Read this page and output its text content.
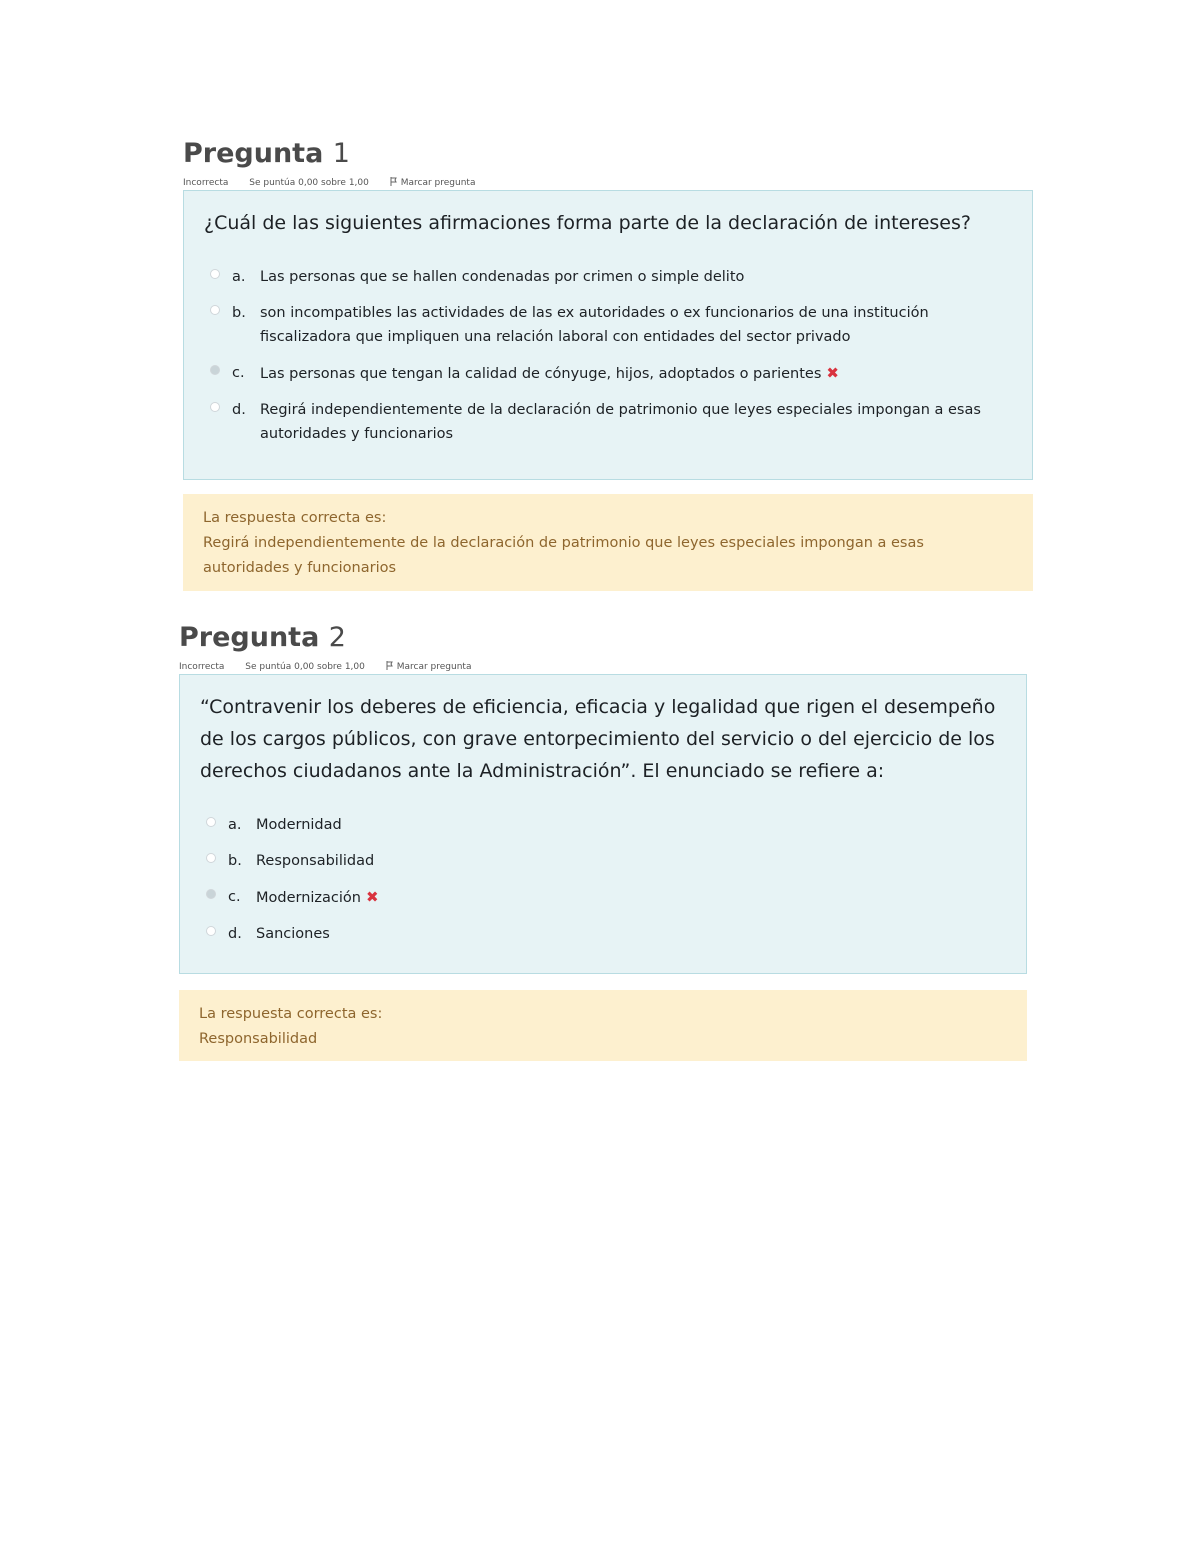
Pregunta 1
Incorrecta Se puntúa 0,00 sobre 1,00	Marcar pregunta

¿Cuál de las siguientes afirmaciones forma parte de la declaración de intereses?

a.	Las personas que se hallen condenadas por crimen o simple delito
b. son incompatibles las actividades de las ex autoridades o ex funcionarios de una institución fiscalizadora que impliquen una relación laboral con entidades del sector privado
c.	Las personas que tengan la calidad de cónyuge, hijos, adoptados o parientes ✖
d. Regirá independientemente de la declaración de patrimonio que leyes especiales impongan a esas autoridades y funcionarios
La respuesta correcta es:
Regirá independientemente de la declaración de patrimonio que leyes especiales impongan a esas autoridades y funcionarios
Pregunta 2
Incorrecta Se puntúa 0,00 sobre 1,00	Marcar pregunta

“Contravenir los deberes de eficiencia, eficacia y legalidad que rigen el desempeño de los cargos públicos, con grave entorpecimiento del servicio o del ejercicio de los derechos ciudadanos ante la Administración”. El enunciado se refiere a:

a.	Modernidad
b. Responsabilidad
c.	Modernización ✖
d. Sanciones
La respuesta correcta es:
Responsabilidad
